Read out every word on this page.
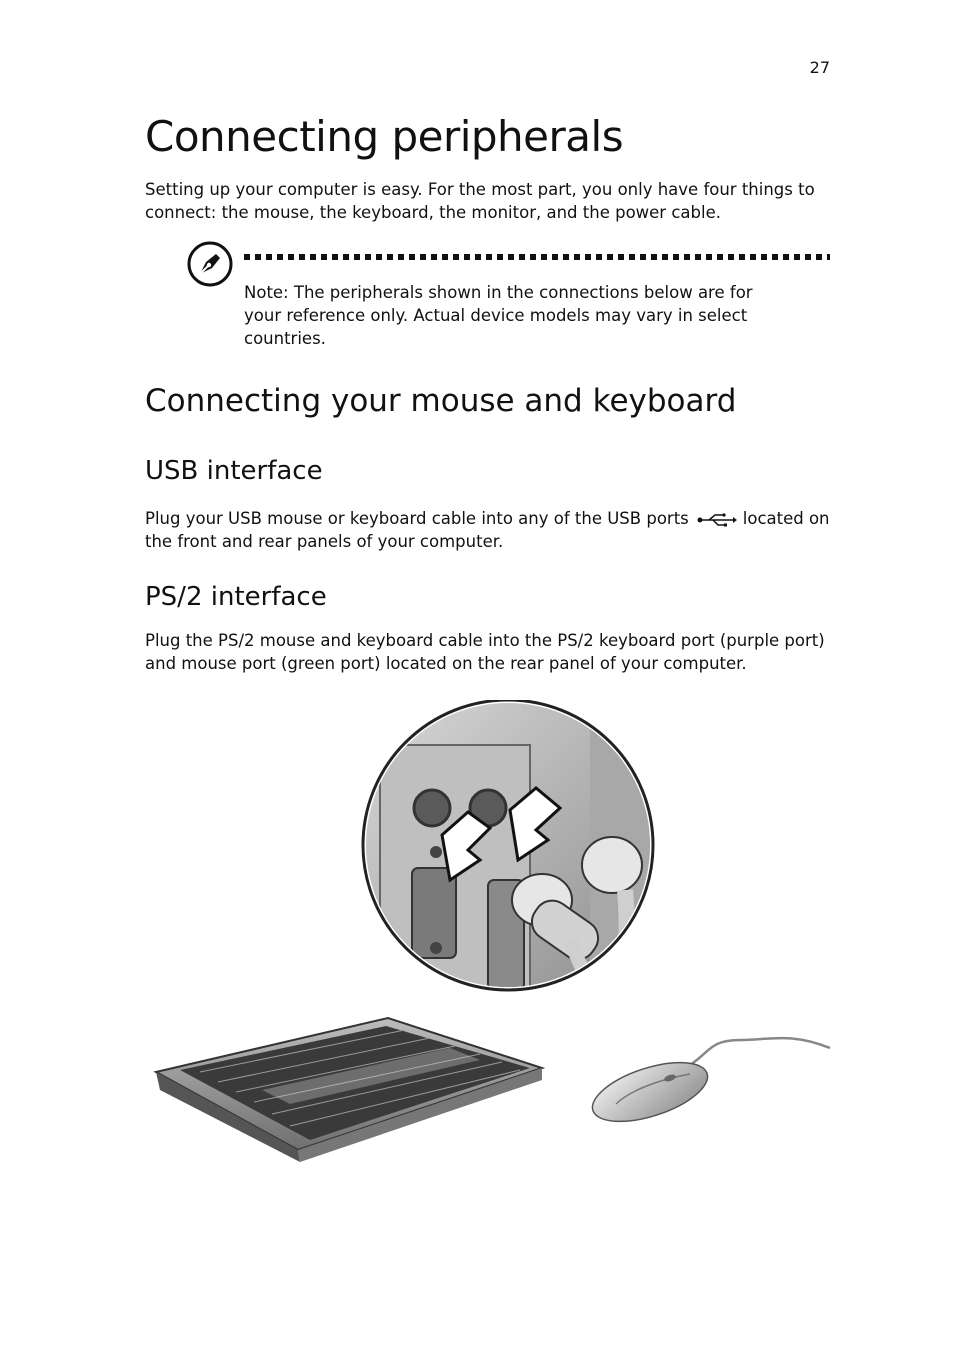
27
Connecting peripherals

Setting up your computer is easy. For the most part, you only have four things to connect: the mouse, the keyboard, the monitor, and the power cable.

Note: The peripherals shown in the connections below are for your reference only. Actual device models may vary in select countries.

Connecting your mouse and keyboard
USB interface

Plug your USB mouse or keyboard cable into any of the USB ports	located on the front and rear panels of your computer.

PS/2 interface

Plug the PS/2 mouse and keyboard cable into the PS/2 keyboard port (purple port) and mouse port (green port) located on the rear panel of your computer.
